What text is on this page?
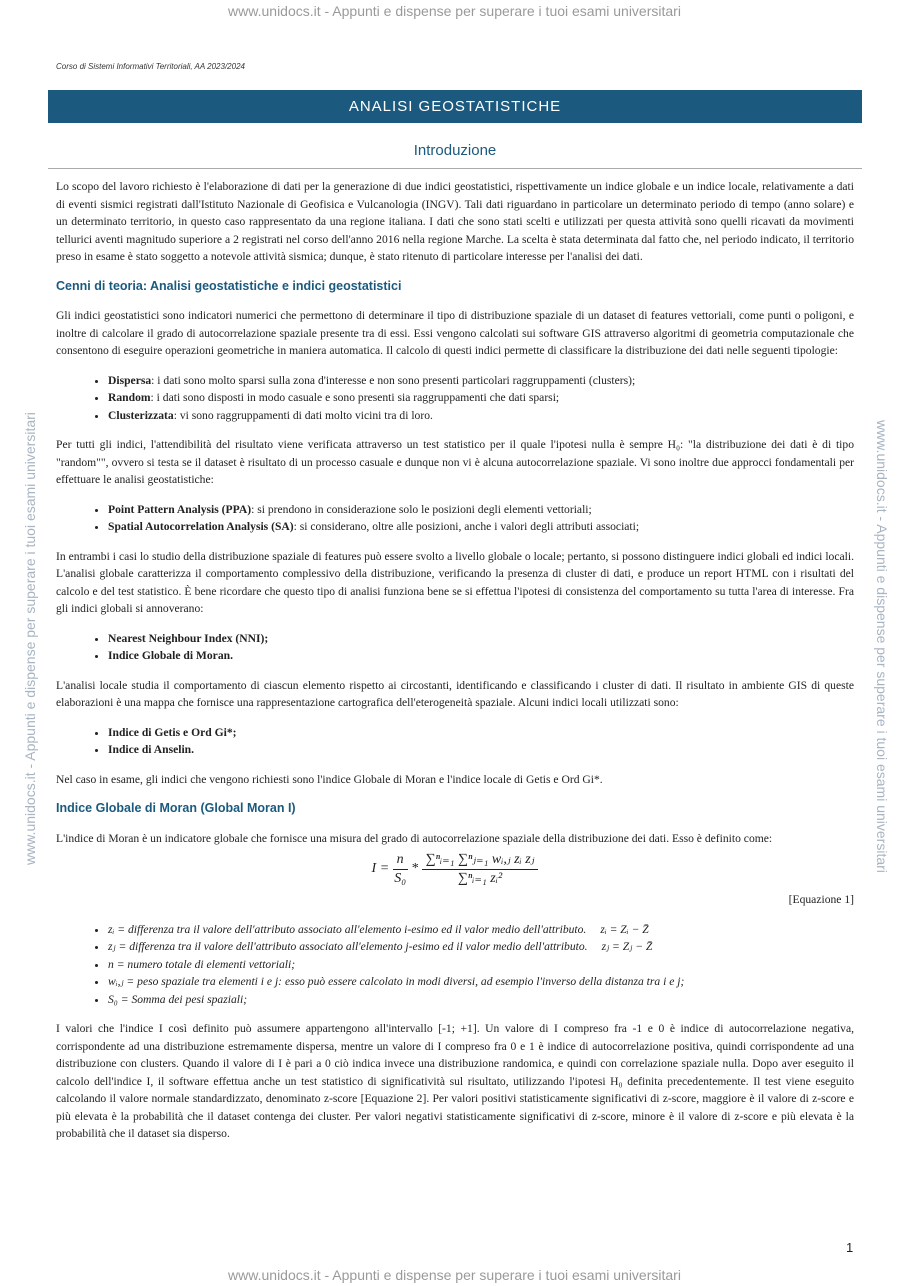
www.unidocs.it - Appunti e dispense per superare i tuoi esami universitari
www.unidocs.it - Appunti e dispense per superare i tuoi esami universitari	www.unidocs.it - Appunti e dispense per superare i tuoi esami universitari
Corso di Sistemi Informativi Territoriali, AA 2023/2024
ANALISI GEOSTATISTICHE
Introduzione

Lo scopo del lavoro richiesto è l'elaborazione di dati per la generazione di due indici geostatistici, rispettivamente un indice globale e un indice locale, relativamente a dati di eventi sismici registrati dall'Istituto Nazionale di Geofisica e Vulcanologia (INGV). Tali dati riguardano in particolare un determinato periodo di tempo (anno solare) e un determinato territorio, in questo caso rappresentato da una regione italiana. I dati che sono stati scelti e utilizzati per questa attività sono quelli ricavati da movimenti tellurici aventi magnitudo superiore a 2 registrati nel corso dell'anno 2016 nella regione Marche. La scelta è stata determinata dal fatto che, nel periodo indicato, il territorio preso in esame è stato soggetto a notevole attività sismica; dunque, è stato ritenuto di particolare interesse per l'analisi dei dati.

Cenni di teoria: Analisi geostatistiche e indici geostatistici

Gli indici geostatistici sono indicatori numerici che permettono di determinare il tipo di distribuzione spaziale di un dataset di features vettoriali, come punti o poligoni, e inoltre di calcolare il grado di autocorrelazione spaziale presente tra di essi. Essi vengono calcolati sui software GIS attraverso algoritmi di geometria computazionale che consentono di eseguire operazioni geometriche in maniera automatica. Il calcolo di questi indici permette di classificare la distribuzione dei dati nelle seguenti tipologie:

• Dispersa: i dati sono molto sparsi sulla zona d'interesse e non sono presenti particolari raggruppamenti (clusters);
• Random: i dati sono disposti in modo casuale e sono presenti sia raggruppamenti che dati sparsi;
• Clusterizzata: vi sono raggruppamenti di dati molto vicini tra di loro.

Per tutti gli indici, l'attendibilità del risultato viene verificata attraverso un test statistico per il quale l'ipotesi nulla è sempre H₀: "la distribuzione dei dati è di tipo "random"", ovvero si testa se il dataset è risultato di un processo casuale e dunque non vi è alcuna autocorrelazione spaziale. Vi sono inoltre due approcci fondamentali per effettuare le analisi geostatistiche:

• Point Pattern Analysis (PPA): si prendono in considerazione solo le posizioni degli elementi vettoriali;
• Spatial Autocorrelation Analysis (SA): si considerano, oltre alle posizioni, anche i valori degli attributi associati;

In entrambi i casi lo studio della distribuzione spaziale di features può essere svolto a livello globale o locale; pertanto, si possono distinguere indici globali ed indici locali. L'analisi globale caratterizza il comportamento complessivo della distribuzione, verificando la presenza di cluster di dati, e produce un report HTML con i risultati del calcolo e del test statistico. È bene ricordare che questo tipo di analisi funziona bene se si effettua l'ipotesi di consistenza del comportamento su tutta l'area di interesse. Fra gli indici globali si annoverano:

• Nearest Neighbour Index (NNI);
• Indice Globale di Moran.

L'analisi locale studia il comportamento di ciascun elemento rispetto ai circostanti, identificando e classificando i cluster di dati. Il risultato in ambiente GIS di queste elaborazioni è una mappa che fornisce una rappresentazione cartografica dell'eterogeneità spaziale. Alcuni indici locali utilizzati sono:

• Indice di Getis e Ord Gi*;
• Indice di Anselin.

Nel caso in esame, gli indici che vengono richiesti sono l'indice Globale di Moran e l'indice locale di Getis e Ord Gi*.

Indice Globale di Moran (Global Moran I)

L'indice di Moran è un indicatore globale che fornisce una misura del grado di autocorrelazione spaziale della distribuzione dei dati. Esso è definito come:

$I = \frac{n}{\text{S₀}} * \frac{\text{∑ⁿᵢ₌₁ ∑ⁿⱼ₌₁ wᵢ,ⱼ zᵢ zⱼ}}{\text{∑ⁿᵢ₌₁ zᵢ²}}$
[Equazione 1]
• zᵢ = differenza tra il valore dell'attributo associato all'elemento i-esimo ed il valor medio dell'attributo. zᵢ = Zᵢ − Z̄
• zⱼ = differenza tra il valore dell'attributo associato all'elemento j-esimo ed il valor medio dell'attributo. zⱼ = Zⱼ − Z̄
• n = numero totale di elementi vettoriali;
• wᵢ,ⱼ = peso spaziale tra elementi i e j: esso può essere calcolato in modi diversi, ad esempio l'inverso della distanza tra i e j;
• S₀ = Somma dei pesi spaziali;

I valori che l'indice I così definito può assumere appartengono all'intervallo [-1; +1]. Un valore di I compreso fra -1 e 0 è indice di autocorrelazione negativa, corrispondente ad una distribuzione estremamente dispersa, mentre un valore di I compreso fra 0 e 1 è indice di autocorrelazione positiva, quindi corrispondente ad una distribuzione con clusters. Quando il valore di I è pari a 0 ciò indica invece una distribuzione randomica, e quindi con correlazione spaziale nulla. Dopo aver eseguito il calcolo dell'indice I, il software effettua anche un test statistico di significatività sul risultato, utilizzando l'ipotesi H₀ definita precedentemente. Il test viene eseguito calcolando il valore normale standardizzato, denominato z-score [Equazione 2]. Per valori positivi statisticamente significativi di z-score, maggiore è il valore di z-score e più elevata è la probabilità che il dataset contenga dei cluster. Per valori negativi statisticamente significativi di z-score, minore è il valore di z-score e più elevata è la probabilità che il dataset sia disperso.

1
www.unidocs.it - Appunti e dispense per superare i tuoi esami universitari
